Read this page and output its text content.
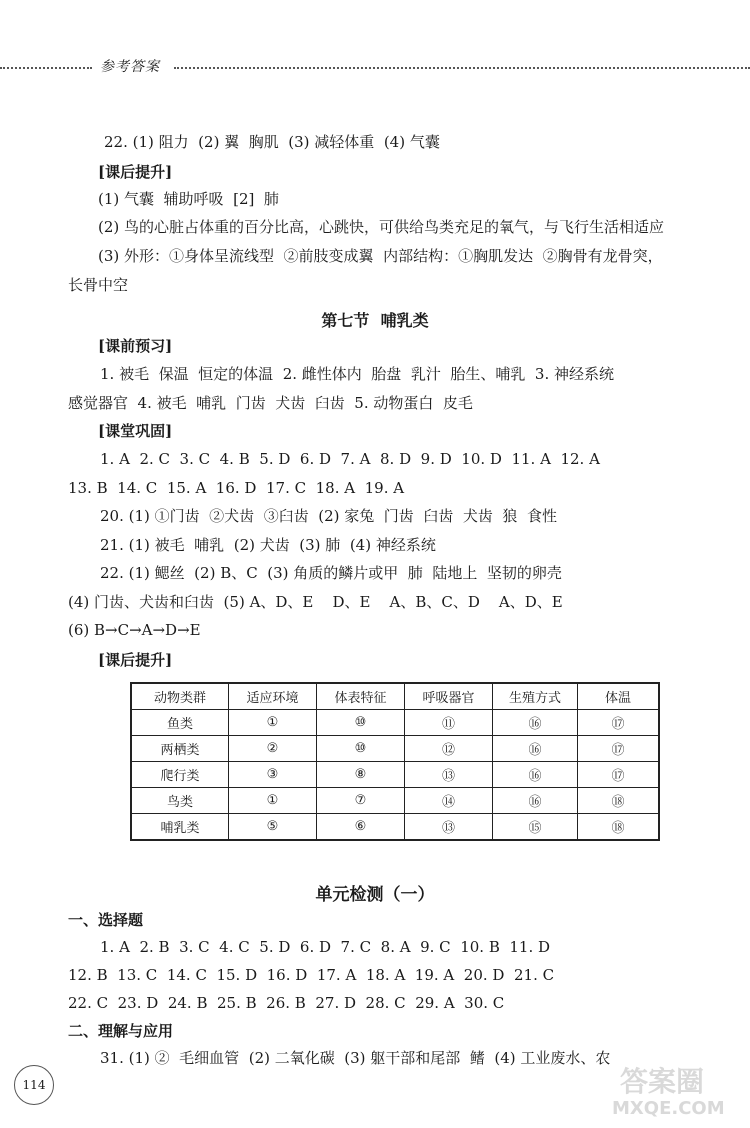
参考答案
22. (1) 阻力  (2) 翼  胸肌  (3) 减轻体重  (4) 气囊
[课后提升]
(1) 气囊  辅助呼吸  [2]  肺
(2) 鸟的心脏占体重的百分比高，心跳快，可供给鸟类充足的氧气，与飞行生活相适应
(3) 外形：①身体呈流线型  ②前肢变成翼  内部结构：①胸肌发达  ②胸骨有龙骨突，
长骨中空
第七节  哺乳类
[课前预习]
1. 被毛  保温  恒定的体温  2. 雌性体内  胎盘  乳汁  胎生、哺乳  3. 神经系统
感觉器官  4. 被毛  哺乳  门齿  犬齿  臼齿  5. 动物蛋白  皮毛
[课堂巩固]
1. A  2. C  3. C  4. B  5. D  6. D  7. A  8. D  9. D  10. D  11. A  12. A
13. B  14. C  15. A  16. D  17. C  18. A  19. A
20. (1) ①门齿  ②犬齿  ③臼齿  (2) 家兔  门齿  臼齿  犬齿  狼  食性
21. (1) 被毛  哺乳  (2) 犬齿  (3) 肺  (4) 神经系统
22. (1) 鳃丝  (2) B、C  (3) 角质的鳞片或甲  肺  陆地上  坚韧的卵壳
(4) 门齿、犬齿和臼齿  (5) A、D、E    D、E    A、B、C、D    A、D、E
(6) B→C→A→D→E
[课后提升]
动物类群	适应环境	体表特征	呼吸器官	生殖方式	体温
鱼类	①	⑩	⑪	⑯	⑰
两栖类	②	⑩	⑫	⑯	⑰
爬行类	③	⑧	⑬	⑯	⑰
鸟类	①	⑦	⑭	⑯	⑱
哺乳类	⑤	⑥	⑬	⑮	⑱
单元检测（一）
一、选择题
1. A  2. B  3. C  4. C  5. D  6. D  7. C  8. A  9. C  10. B  11. D
12. B  13. C  14. C  15. D  16. D  17. A  18. A  19. A  20. D  21. C
22. C  23. D  24. B  25. B  26. B  27. D  28. C  29. A  30. C
二、理解与应用
31. (1) ②  毛细血管  (2) 二氧化碳  (3) 躯干部和尾部  鳍  (4) 工业废水、农
114	答案圈
MXQE.COM
